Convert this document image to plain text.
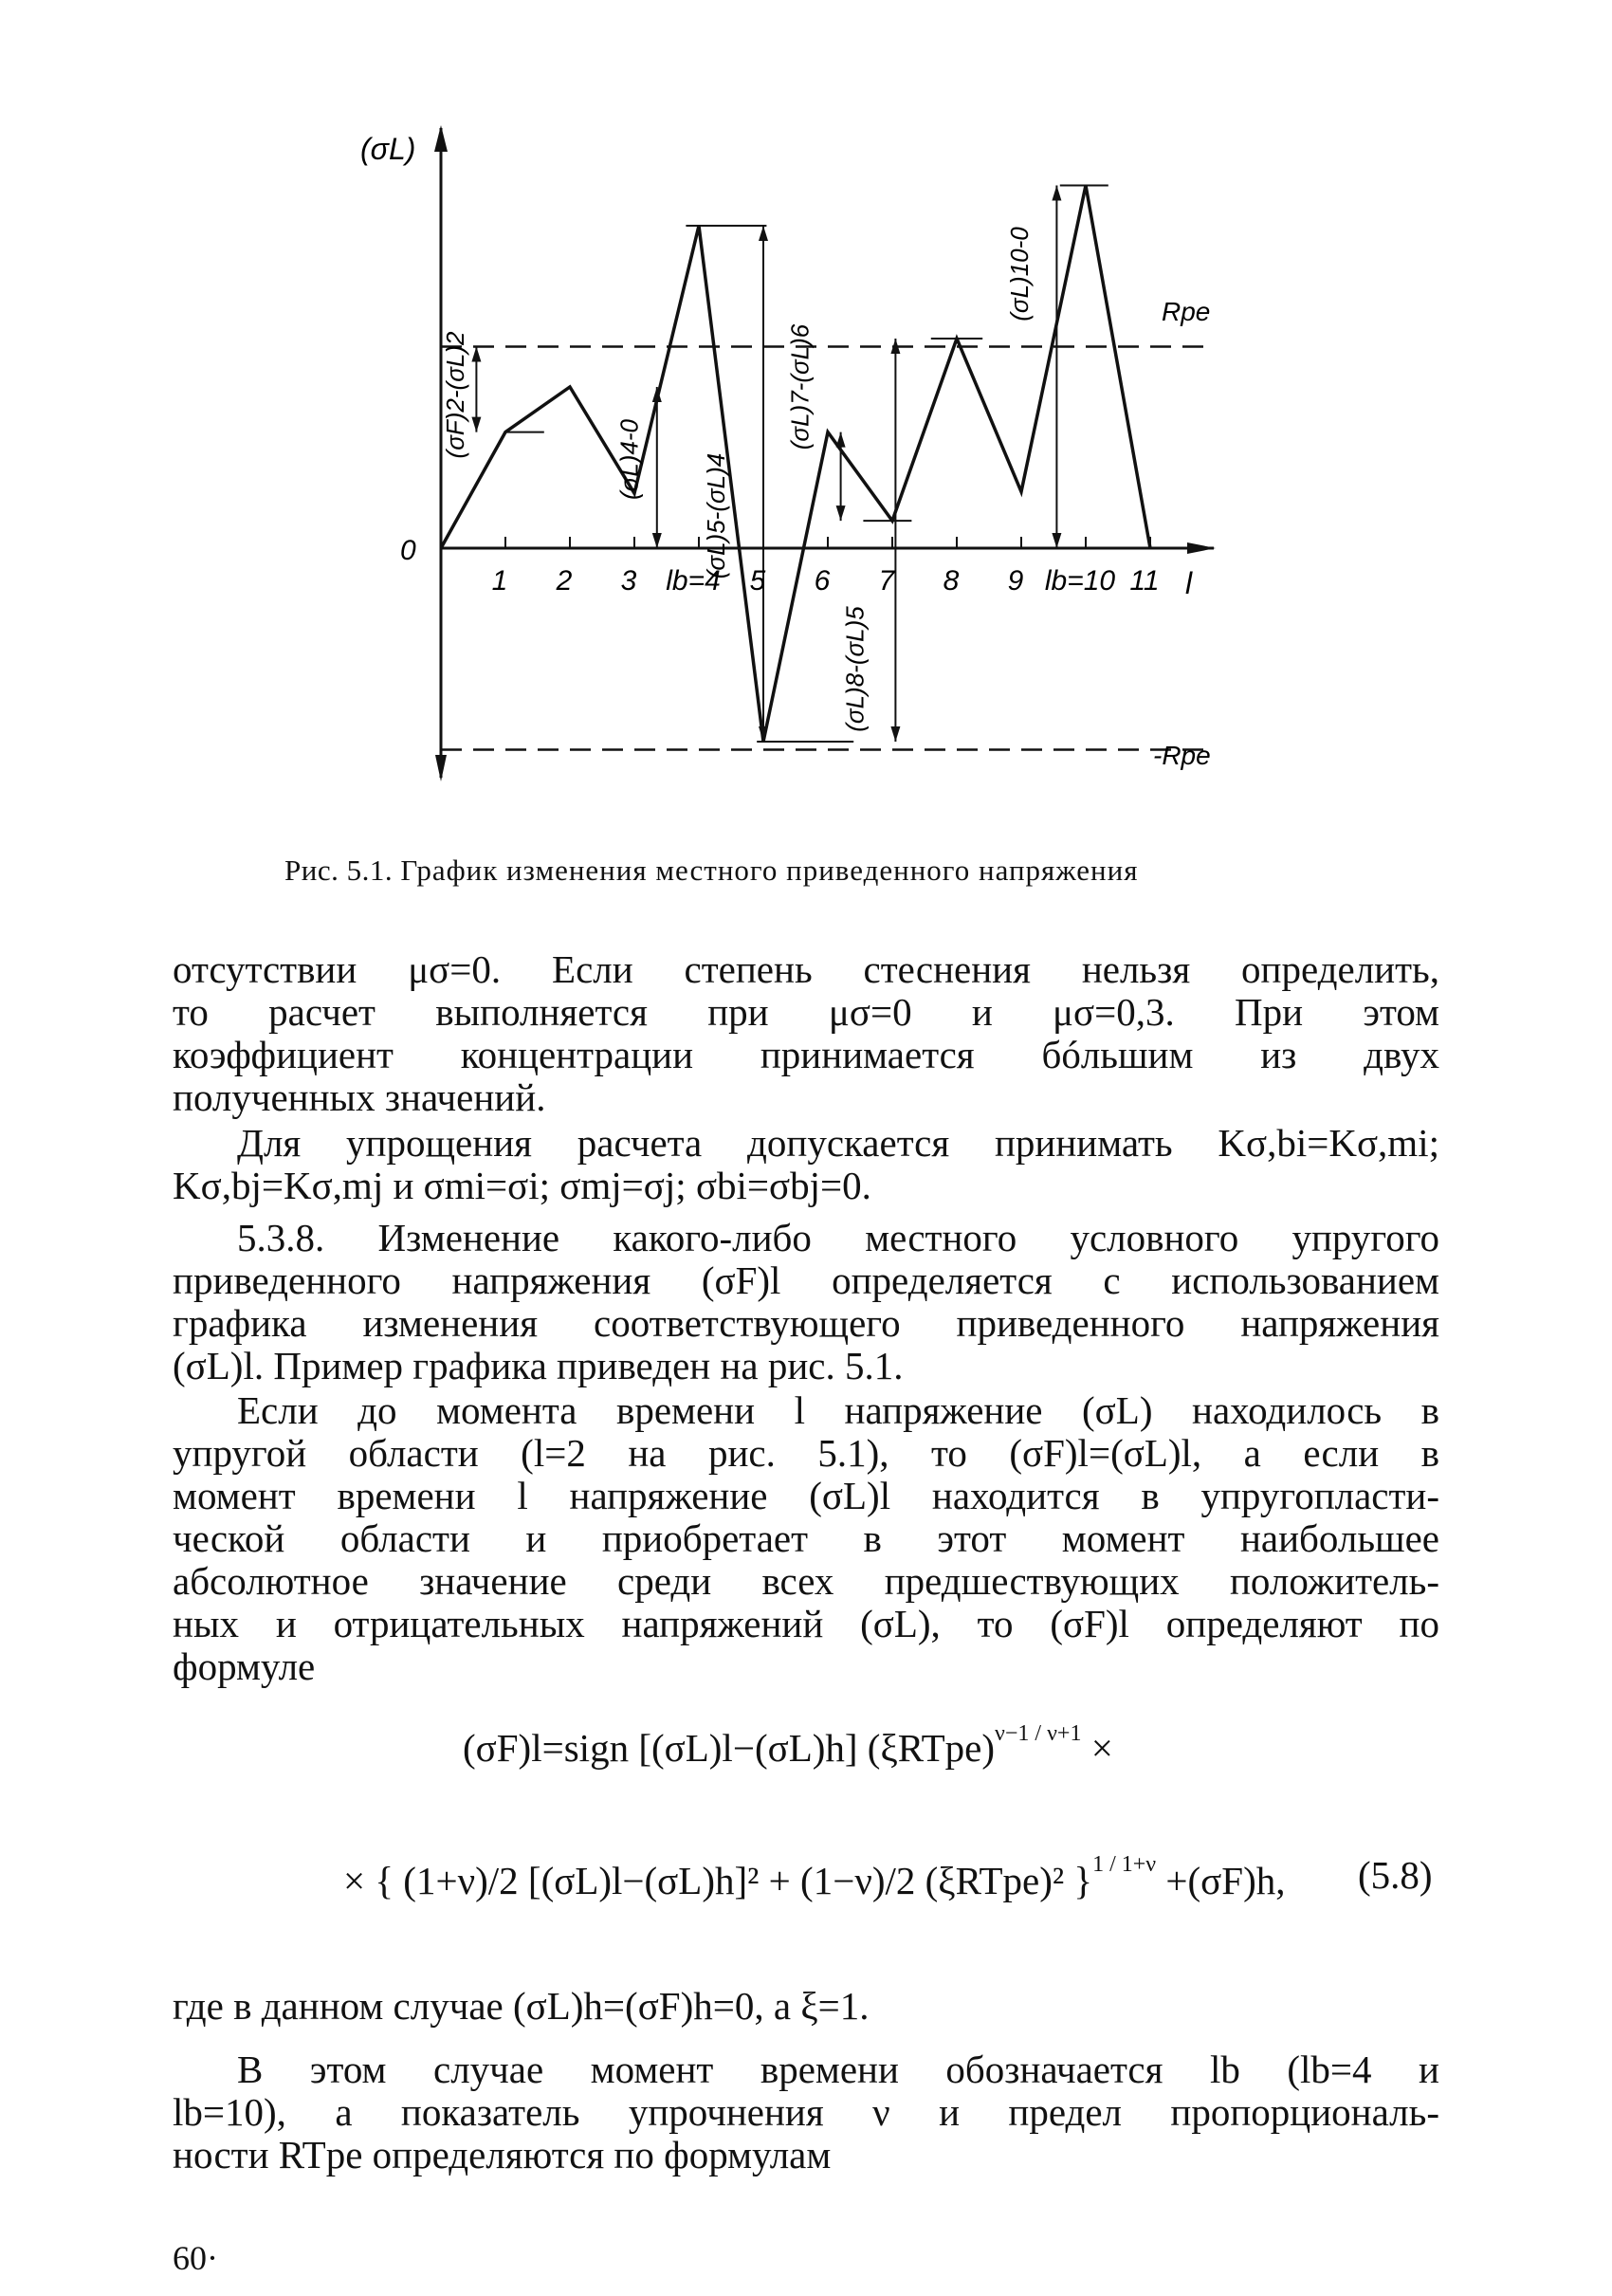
(σF)2-(σL)2
(σL)4-0 (σL)5-(σL)4
(σL)7-(σL)6
(σL)8-(σL)5
(σL)10-0
1 2 3 lb=4 5 6 7 8 9 lb=10 11
(σL)
0
l
Rpe
-Rpe
Рис. 5.1. График изменения местного приведенного напряжения
отсутствии μσ=0. Если степень стеснения нельзя определить,
то расчет выполняется при μσ=0 и μσ=0,3. При этом
коэффициент концентрации принимается бóльшим из двух
полученных значений.
Для упрощения расчета допускается принимать Kσ,bi=Kσ,mi;
Kσ,bj=Kσ,mj и σmi=σi; σmj=σj; σbi=σbj=0.
5.3.8. Изменение какого-либо местного условного упругого
приведенного напряжения (σF)l определяется с использованием
графика изменения соответствующего приведенного напряжения
(σL)l. Пример графика приведен на рис. 5.1.
Если до момента времени l напряжение (σL) находилось в
упругой области (l=2 на рис. 5.1), то (σF)l=(σL)l, а если в
момент времени l напряжение (σL)l находится в упругопласти-
ческой области и приобретает в этот момент наибольшее
абсолютное значение среди всех предшествующих положитель-
ных и отрицательных напряжений (σL), то (σF)l определяют по
формуле
(σF)l=sign [(σL)l−(σL)h] (ξRTpe)$^{\nu-1 / \nu+1}$ ×
× { (1+ν)/2 [(σL)l−(σL)h]² + (1−ν)/2 (ξRTpe)² }$^{1 / 1+\nu}$ +(σF)h, (5.8)
где в данном случае (σL)h=(σF)h=0, а ξ=1.
В этом случае момент времени обозначается lb (lb=4 и
lb=10), а показатель упрочнения ν и предел пропорциональ-
ности RTpe определяются по формулам
60·
